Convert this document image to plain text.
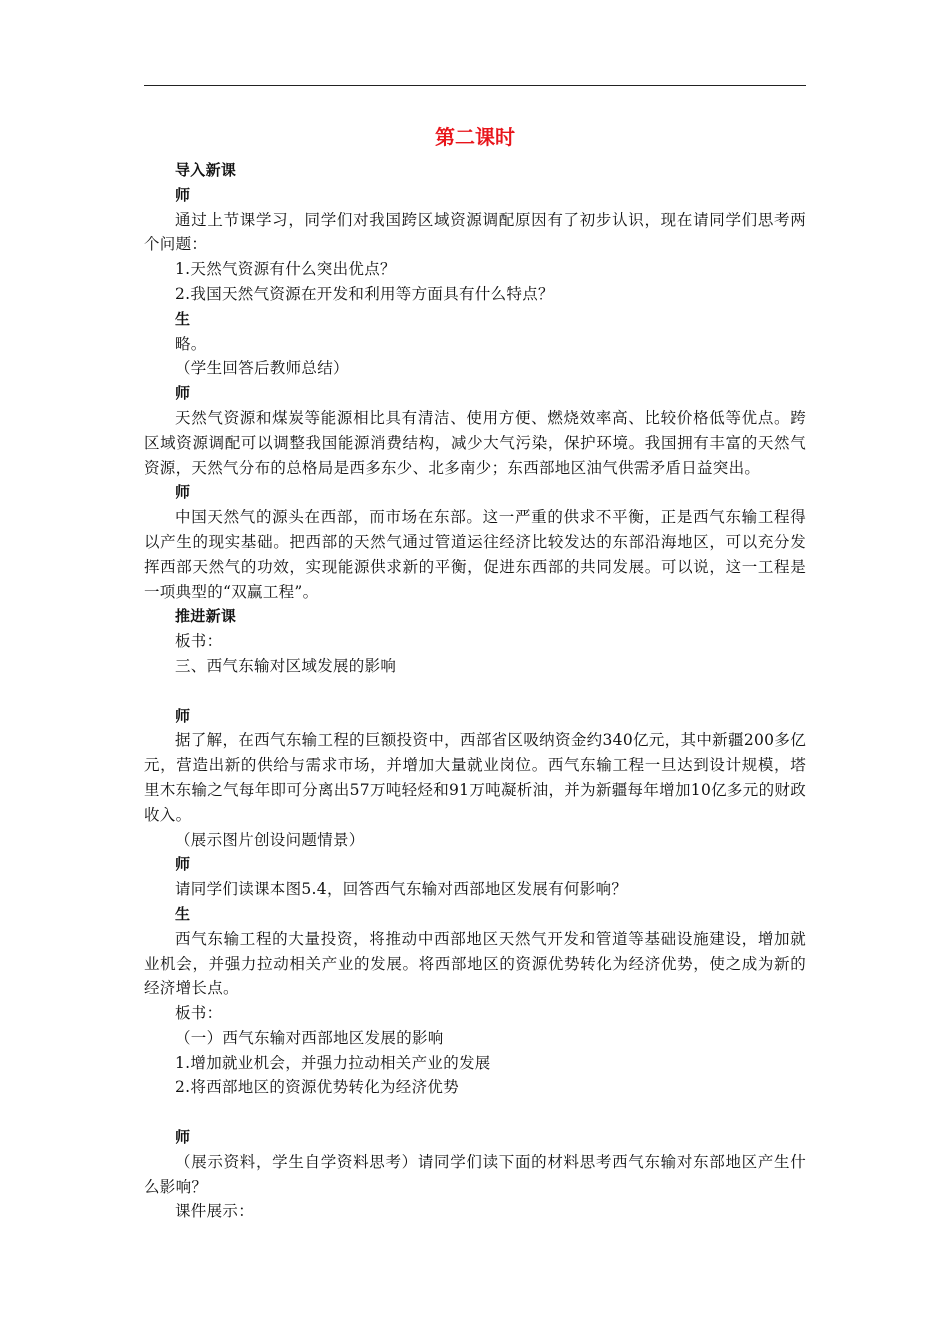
第二课时

导入新课

师

通过上节课学习，同学们对我国跨区域资源调配原因有了初步认识，现在请同学们思考两个问题：

1.天然气资源有什么突出优点？

2.我国天然气资源在开发和利用等方面具有什么特点？

生

略。

（学生回答后教师总结）

师

天然气资源和煤炭等能源相比具有清洁、使用方便、燃烧效率高、比较价格低等优点。跨区域资源调配可以调整我国能源消费结构，减少大气污染，保护环境。我国拥有丰富的天然气资源，天然气分布的总格局是西多东少、北多南少；东西部地区油气供需矛盾日益突出。

师

中国天然气的源头在西部，而市场在东部。这一严重的供求不平衡，正是西气东输工程得以产生的现实基础。把西部的天然气通过管道运往经济比较发达的东部沿海地区，可以充分发挥西部天然气的功效，实现能源供求新的平衡，促进东西部的共同发展。可以说，这一工程是一项典型的“双赢工程”。

推进新课

板书：

三、西气东输对区域发展的影响

师

据了解，在西气东输工程的巨额投资中，西部省区吸纳资金约340亿元，其中新疆200多亿元，营造出新的供给与需求市场，并增加大量就业岗位。西气东输工程一旦达到设计规模，塔里木东输之气每年即可分离出57万吨轻烃和91万吨凝析油，并为新疆每年增加10亿多元的财政收入。

（展示图片创设问题情景）

师

请同学们读课本图5.4，回答西气东输对西部地区发展有何影响？

生

西气东输工程的大量投资，将推动中西部地区天然气开发和管道等基础设施建设，增加就业机会，并强力拉动相关产业的发展。将西部地区的资源优势转化为经济优势，使之成为新的经济增长点。

板书：

（一）西气东输对西部地区发展的影响

1.增加就业机会，并强力拉动相关产业的发展

2.将西部地区的资源优势转化为经济优势

师

（展示资料，学生自学资料思考）请同学们读下面的材料思考西气东输对东部地区产生什么影响？

课件展示：
